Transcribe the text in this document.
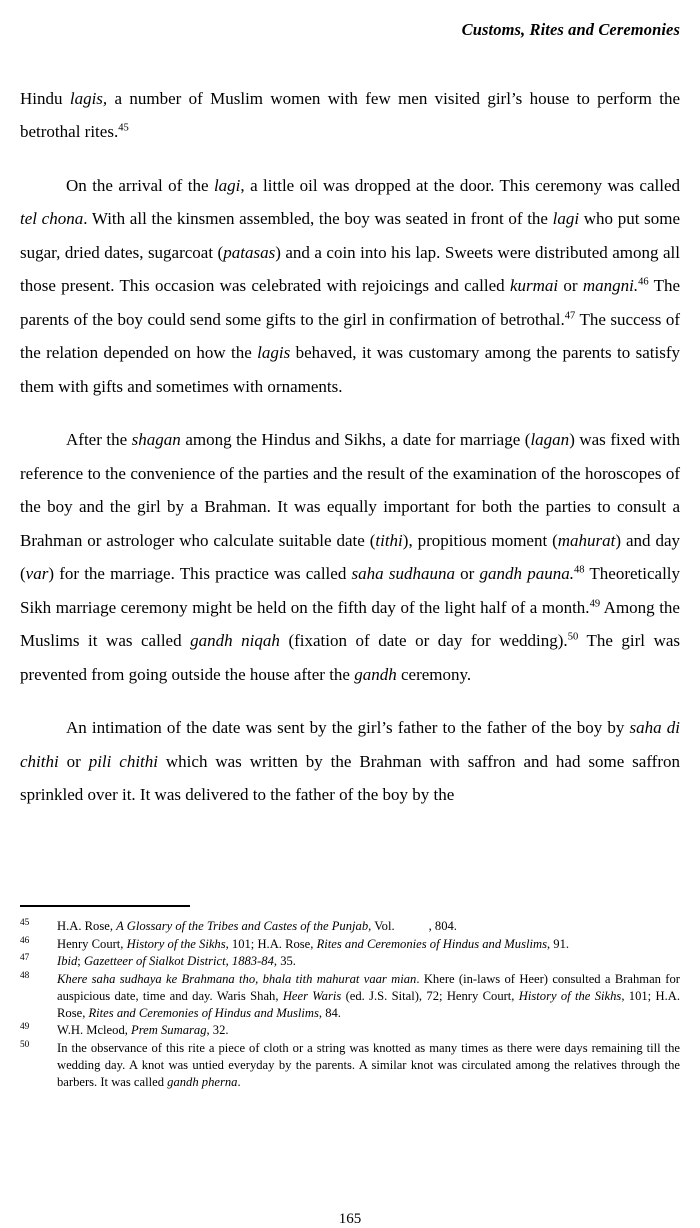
Customs, Rites and Ceremonies

Hindu lagis, a number of Muslim women with few men visited girl’s house to perform the betrothal rites.$^{45}$

On the arrival of the lagi, a little oil was dropped at the door. This ceremony was called tel chona. With all the kinsmen assembled, the boy was seated in front of the lagi who put some sugar, dried dates, sugarcoat (patasas) and a coin into his lap. Sweets were distributed among all those present. This occasion was celebrated with rejoicings and called kurmai or mangni.$^{46}$ The parents of the boy could send some gifts to the girl in confirmation of betrothal.$^{47}$ The success of the relation depended on how the lagis behaved, it was customary among the parents to satisfy them with gifts and sometimes with ornaments.

After the shagan among the Hindus and Sikhs, a date for marriage (lagan) was fixed with reference to the convenience of the parties and the result of the examination of the horoscopes of the boy and the girl by a Brahman. It was equally important for both the parties to consult a Brahman or astrologer who calculate suitable date (tithi), propitious moment (mahurat) and day (var) for the marriage. This practice was called saha sudhauna or gandh pauna.$^{48}$ Theoretically Sikh marriage ceremony might be held on the fifth day of the light half of a month.$^{49}$ Among the Muslims it was called gandh niqah (fixation of date or day for wedding).$^{50}$ The girl was prevented from going outside the house after the gandh ceremony.

An intimation of the date was sent by the girl’s father to the father of the boy by saha di chithi or pili chithi which was written by the Brahman with saffron and had some saffron sprinkled over it. It was delivered to the father of the boy by the

45	H.A. Rose, A Glossary of the Tribes and Castes of the Punjab, Vol.	, 804.
46	Henry Court, History of the Sikhs, 101; H.A. Rose, Rites and Ceremonies of Hindus and Muslims, 91.
47	Ibid; Gazetteer of Sialkot District, 1883-84, 35.
48	Khere saha sudhaya ke Brahmana tho, bhala tith mahurat vaar mian. Khere (in-laws of Heer) consulted a Brahman for auspicious date, time and day. Waris Shah, Heer Waris (ed. J.S. Sital), 72; Henry Court, History of the Sikhs, 101; H.A. Rose, Rites and Ceremonies of Hindus and Muslims, 84.
49	W.H. Mcleod, Prem Sumarag, 32.
50	In the observance of this rite a piece of cloth or a string was knotted as many times as there were days remaining till the wedding day. A knot was untied everyday by the parents. A similar knot was circulated among the relatives through the barbers. It was called gandh pherna.
165
